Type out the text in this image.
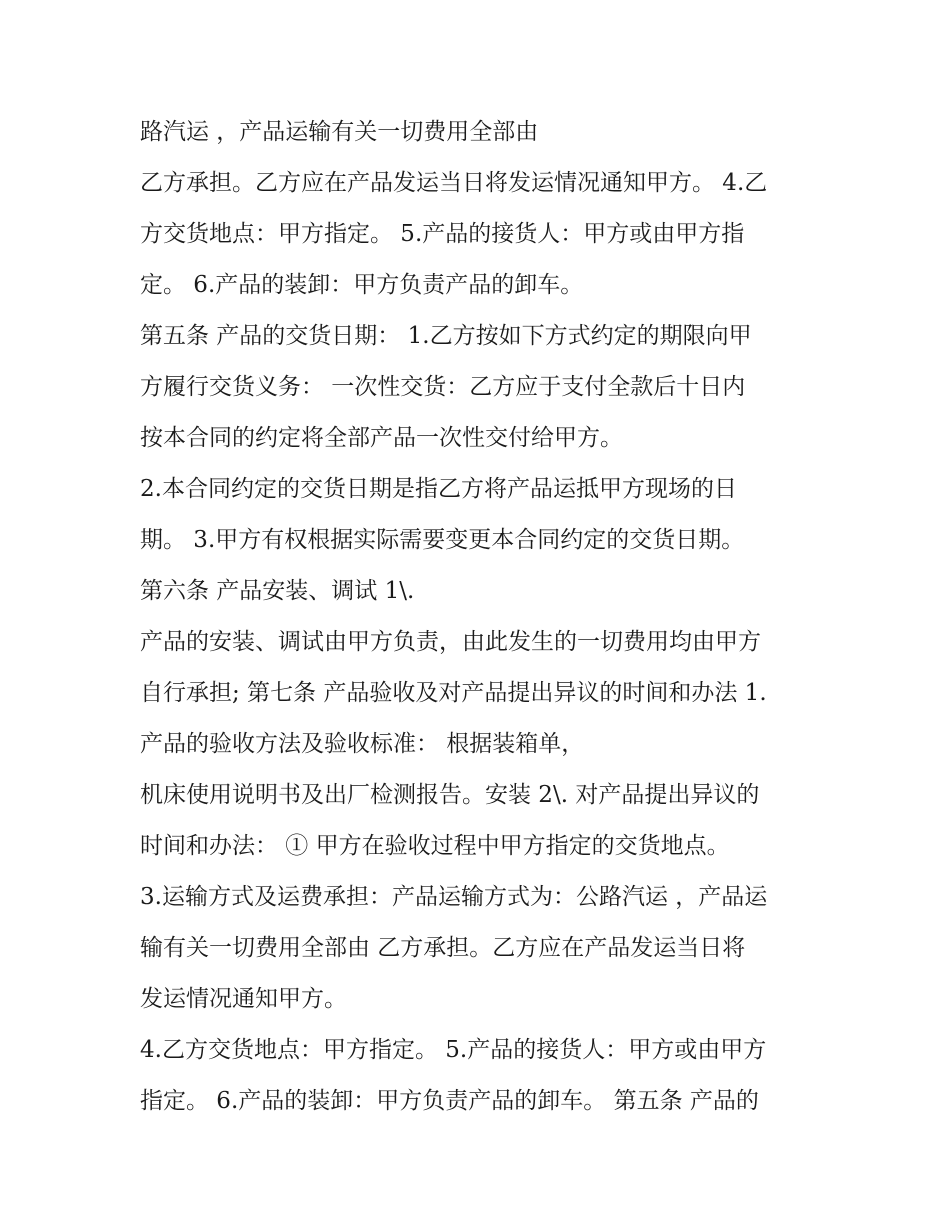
路汽运 ，产品运输有关一切费用全部由
乙方承担。乙方应在产品发运当日将发运情况通知甲方。 4.乙
方交货地点：甲方指定。 5.产品的接货人：甲方或由甲方指
定。 6.产品的装卸：甲方负责产品的卸车。
第五条 产品的交货日期： 1.乙方按如下方式约定的期限向甲
方履行交货义务： 一次性交货：乙方应于支付全款后十日内
按本合同的约定将全部产品一次性交付给甲方。
2.本合同约定的交货日期是指乙方将产品运抵甲方现场的日
期。 3.甲方有权根据实际需要变更本合同约定的交货日期。
第六条 产品安装、调试 1\.
产品的安装、调试由甲方负责，由此发生的一切费用均由甲方
自行承担; 第七条 产品验收及对产品提出异议的时间和办法 1.
产品的验收方法及验收标准： 根据装箱单，
机床使用说明书及出厂检测报告。安装 2\. 对产品提出异议的
时间和办法： ① 甲方在验收过程中甲方指定的交货地点。
3.运输方式及运费承担：产品运输方式为：公路汽运 ，产品运
输有关一切费用全部由 乙方承担。乙方应在产品发运当日将
发运情况通知甲方。
4.乙方交货地点：甲方指定。 5.产品的接货人：甲方或由甲方
指定。 6.产品的装卸：甲方负责产品的卸车。 第五条 产品的
